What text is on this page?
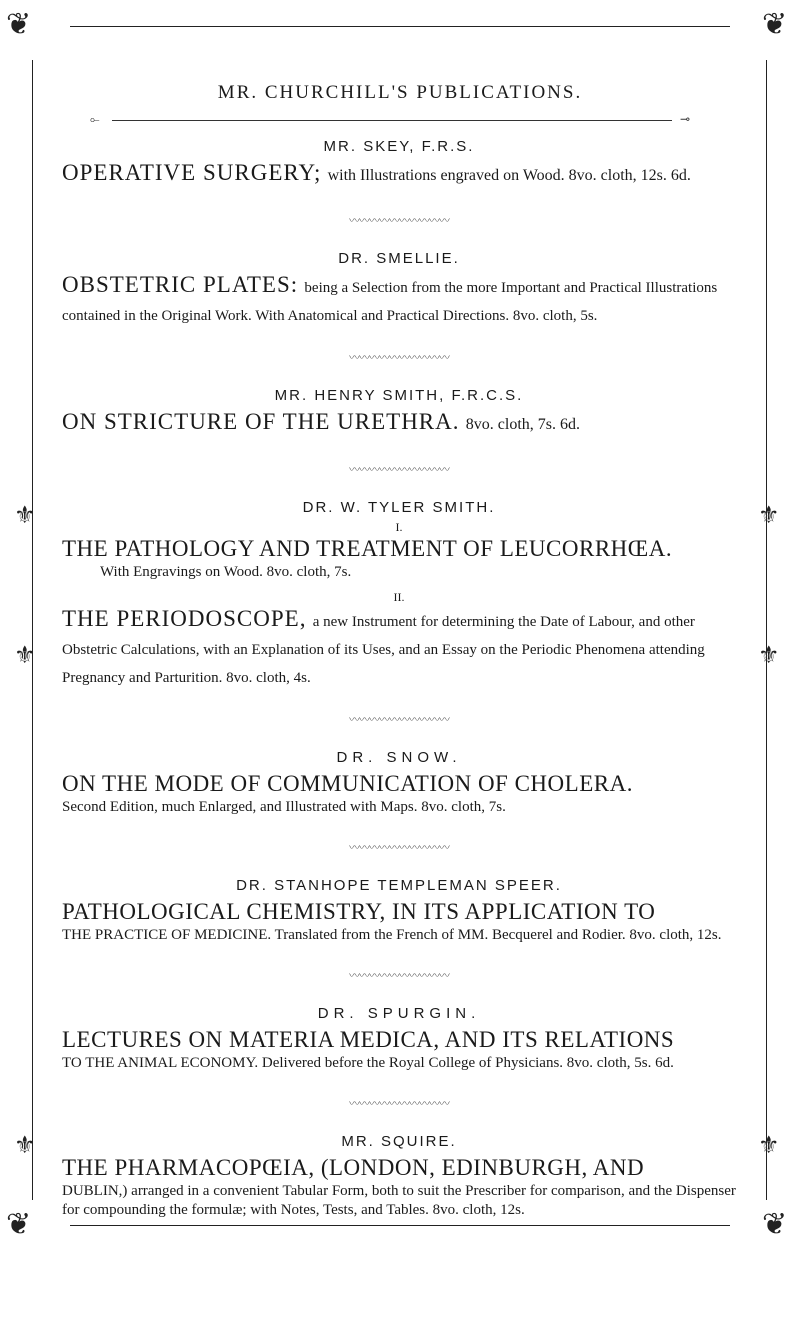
❦	❦
❦	❦
⚜
⚜
⚜
⚜
⚜
⚜
MR. CHURCHILL'S PUBLICATIONS.
⟜	⊸
MR. SKEY, F.R.S.
OPERATIVE SURGERY; with Illustrations engraved on Wood. 8vo. cloth, 12s. 6d.
〰〰〰〰〰〰〰〰〰〰
DR. SMELLIE.
OBSTETRIC PLATES: being a Selection from the more Important and Practical Illustrations contained in the Original Work. With Anatomical and Practical Directions. 8vo. cloth, 5s.
〰〰〰〰〰〰〰〰〰〰
MR. HENRY SMITH, F.R.C.S.
ON STRICTURE OF THE URETHRA. 8vo. cloth, 7s. 6d.
〰〰〰〰〰〰〰〰〰〰
DR. W. TYLER SMITH.
I.
THE PATHOLOGY AND TREATMENT OF LEUCORRHŒA.
With Engravings on Wood. 8vo. cloth, 7s.
II.
THE PERIODOSCOPE, a new Instrument for determining the Date of Labour, and other Obstetric Calculations, with an Explanation of its Uses, and an Essay on the Periodic Phenomena attending Pregnancy and Parturition. 8vo. cloth, 4s.
〰〰〰〰〰〰〰〰〰〰
DR. SNOW.
ON THE MODE OF COMMUNICATION OF CHOLERA.
Second Edition, much Enlarged, and Illustrated with Maps. 8vo. cloth, 7s.
〰〰〰〰〰〰〰〰〰〰
DR. STANHOPE TEMPLEMAN SPEER.
PATHOLOGICAL CHEMISTRY, IN ITS APPLICATION TO
THE PRACTICE OF MEDICINE. Translated from the French of MM. Becquerel and Rodier. 8vo. cloth, 12s.
〰〰〰〰〰〰〰〰〰〰
DR. SPURGIN.
LECTURES ON MATERIA MEDICA, AND ITS RELATIONS
TO THE ANIMAL ECONOMY. Delivered before the Royal College of Physicians. 8vo. cloth, 5s. 6d.
〰〰〰〰〰〰〰〰〰〰
MR. SQUIRE.
THE PHARMACOPŒIA, (LONDON, EDINBURGH, AND
DUBLIN,) arranged in a convenient Tabular Form, both to suit the Prescriber for comparison, and the Dispenser for compounding the formulæ; with Notes, Tests, and Tables. 8vo. cloth, 12s.
